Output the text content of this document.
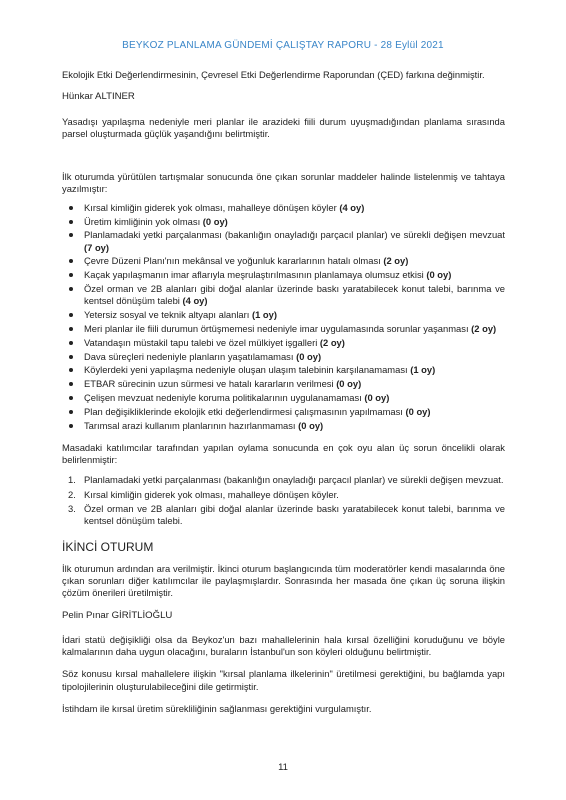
BEYKOZ PLANLAMA GÜNDEMİ ÇALIŞTAY RAPORU - 28 Eylül 2021

Ekolojik Etki Değerlendirmesinin, Çevresel Etki Değerlendirme Raporundan (ÇED) farkına değinmiştir.

Hünkar ALTINER

Yasadışı yapılaşma nedeniyle meri planlar ile arazideki fiili durum uyuşmadığından planlama sırasında parsel oluşturmada güçlük yaşandığını belirtmiştir.

İlk oturumda yürütülen tartışmalar sonucunda öne çıkan sorunlar maddeler halinde listelenmiş ve tahtaya yazılmıştır:

Kırsal kimliğin giderek yok olması, mahalleye dönüşen köyler (4 oy)
Üretim kimliğinin yok olması (0 oy)
Planlamadaki yetki parçalanması (bakanlığın onayladığı parçacıl planlar) ve sürekli değişen mevzuat (7 oy)
Çevre Düzeni Planı'nın mekânsal ve yoğunluk kararlarının hatalı olması (2 oy)
Kaçak yapılaşmanın imar aflarıyla meşrulaştırılmasının planlamaya olumsuz etkisi (0 oy)
Özel orman ve 2B alanları gibi doğal alanlar üzerinde baskı yaratabilecek konut talebi, barınma ve kentsel dönüşüm talebi (4 oy)
Yetersiz sosyal ve teknik altyapı alanları (1 oy)
Meri planlar ile fiili durumun örtüşmemesi nedeniyle imar uygulamasında sorunlar yaşanması (2 oy)
Vatandaşın müstakil tapu talebi ve özel mülkiyet işgalleri (2 oy)
Dava süreçleri nedeniyle planların yaşatılamaması (0 oy)
Köylerdeki yeni yapılaşma nedeniyle oluşan ulaşım talebinin karşılanamaması (1 oy)
ETBAR sürecinin uzun sürmesi ve hatalı kararların verilmesi (0 oy)
Çelişen mevzuat nedeniyle koruma politikalarının uygulanamaması (0 oy)
Plan değişikliklerinde ekolojik etki değerlendirmesi çalışmasının yapılmaması (0 oy)
Tarımsal arazi kullanım planlarının hazırlanmaması (0 oy)

Masadaki katılımcılar tarafından yapılan oylama sonucunda en çok oyu alan üç sorun öncelikli olarak belirlenmiştir:

1. Planlamadaki yetki parçalanması (bakanlığın onayladığı parçacıl planlar) ve sürekli değişen mevzuat.
2. Kırsal kimliğin giderek yok olması, mahalleye dönüşen köyler.
3. Özel orman ve 2B alanları gibi doğal alanlar üzerinde baskı yaratabilecek konut talebi, barınma ve kentsel dönüşüm talebi.
İKİNCİ OTURUM

İlk oturumun ardından ara verilmiştir. İkinci oturum başlangıcında tüm moderatörler kendi masalarında öne çıkan sorunları diğer katılımcılar ile paylaşmışlardır. Sonrasında her masada öne çıkan üç soruna ilişkin çözüm önerileri üretilmiştir.

Pelin Pınar GİRİTLİOĞLU

İdari statü değişikliği olsa da Beykoz'un bazı mahallelerinin hala kırsal özelliğini koruduğunu ve böyle kalmalarının daha uygun olacağını, buraların İstanbul'un son köyleri olduğunu belirtmiştir.

Söz konusu kırsal mahallelere ilişkin "kırsal planlama ilkelerinin" üretilmesi gerektiğini, bu bağlamda yapı tipolojilerinin oluşturulabileceğini dile getirmiştir.

İstihdam ile kırsal üretim sürekliliğinin sağlanması gerektiğini vurgulamıştır.

11
